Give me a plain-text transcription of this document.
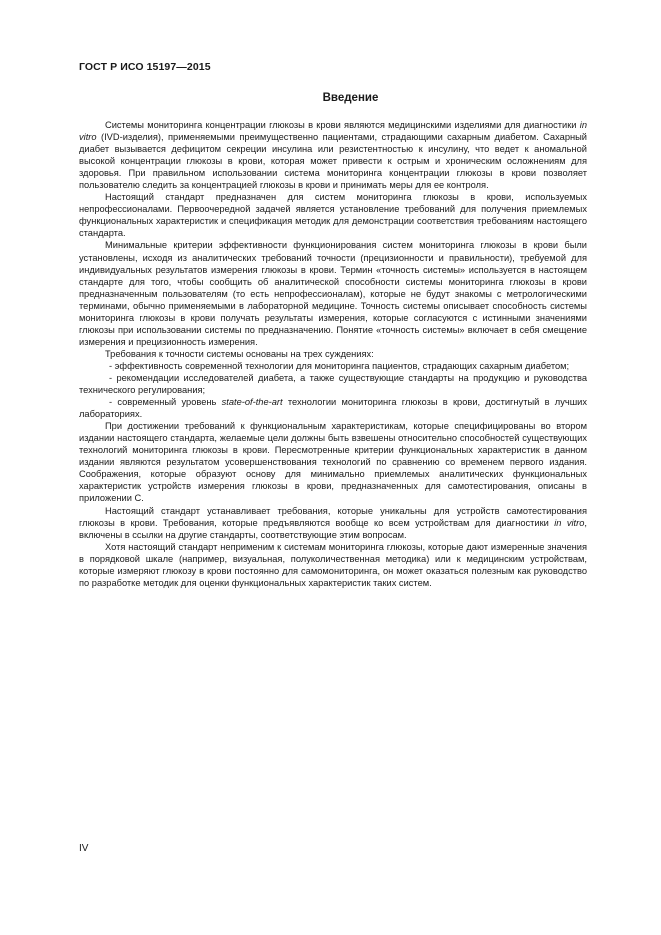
ГОСТ Р ИСО 15197—2015
Введение

Системы мониторинга концентрации глюкозы в крови являются медицинскими изделиями для диагностики in vitro (IVD-изделия), применяемыми преимущественно пациентами, страдающими сахарным диабетом. Сахарный диабет вызывается дефицитом секреции инсулина или резистентностью к инсулину, что ведет к аномальной высокой концентрации глюкозы в крови, которая может привести к острым и хроническим осложнениям для здоровья. При правильном использовании система мониторинга концентрации глюкозы в крови позволяет пользователю следить за концентрацией глюкозы в крови и принимать меры для ее контроля.

Настоящий стандарт предназначен для систем мониторинга глюкозы в крови, используемых непрофессионалами. Первоочередной задачей является установление требований для получения приемлемых функциональных характеристик и спецификация методик для демонстрации соответствия требованиям настоящего стандарта.

Минимальные критерии эффективности функционирования систем мониторинга глюкозы в крови были установлены, исходя из аналитических требований точности (прецизионности и правильности), требуемой для индивидуальных результатов измерения глюкозы в крови. Термин «точность системы» используется в настоящем стандарте для того, чтобы сообщить об аналитической способности системы мониторинга глюкозы в крови предназначенным пользователям (то есть непрофессионалам), которые не будут знакомы с метрологическими терминами, обычно применяемыми в лабораторной медицине. Точность системы описывает способность системы мониторинга глюкозы в крови получать результаты измерения, которые согласуются с истинными значениями глюкозы при использовании системы по предназначению. Понятие «точность системы» включает в себя смещение измерения и прецизионность измерения.

Требования к точности системы основаны на трех суждениях:

- эффективность современной технологии для мониторинга пациентов, страдающих сахарным диабетом;

- рекомендации исследователей диабета, а также существующие стандарты на продукцию и руководства технического регулирования;

- современный уровень state-of-the-art технологии мониторинга глюкозы в крови, достигнутый в лучших лабораториях.

При достижении требований к функциональным характеристикам, которые специфицированы во втором издании настоящего стандарта, желаемые цели должны быть взвешены относительно способностей существующих технологий мониторинга глюкозы в крови. Пересмотренные критерии функциональных характеристик в данном издании являются результатом усовершенствования технологий по сравнению со временем первого издания. Соображения, которые образуют основу для минимально приемлемых аналитических функциональных характеристик устройств измерения глюкозы в крови, предназначенных для самотестирования, описаны в приложении С.

Настоящий стандарт устанавливает требования, которые уникальны для устройств самотестирования глюкозы в крови. Требования, которые предъявляются вообще ко всем устройствам для диагностики in vitro, включены в ссылки на другие стандарты, соответствующие этим вопросам.

Хотя настоящий стандарт неприменим к системам мониторинга глюкозы, которые дают измеренные значения в порядковой шкале (например, визуальная, полуколичественная методика) или к медицинским устройствам, которые измеряют глюкозу в крови постоянно для самомониторинга, он может оказаться полезным как руководство по разработке методик для оценки функциональных характеристик таких систем.

IV
